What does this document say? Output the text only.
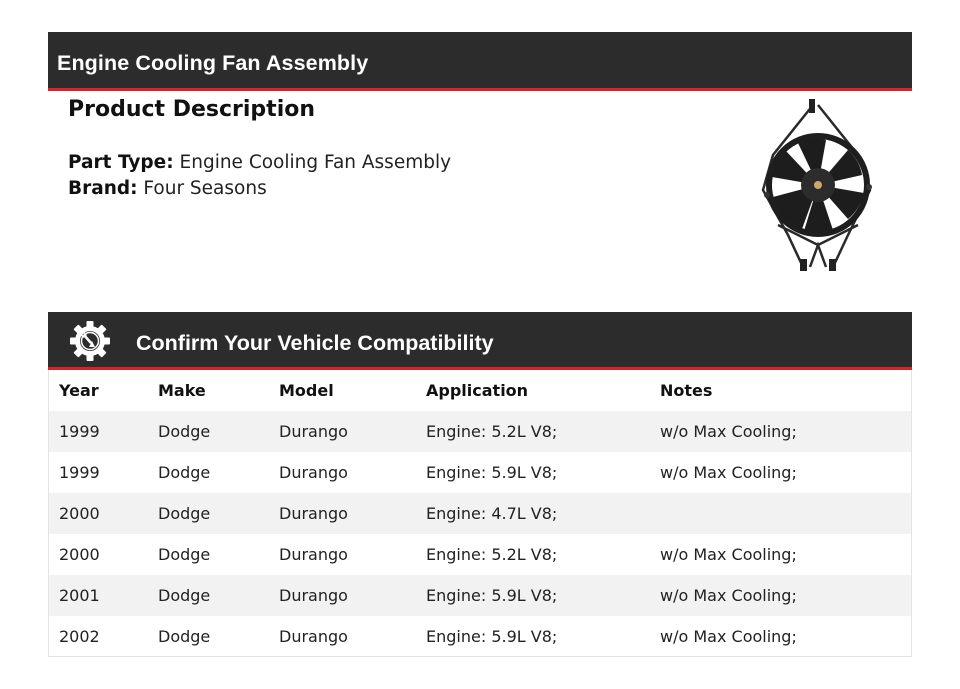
Engine Cooling Fan Assembly
Product Description
Part Type: Engine Cooling Fan Assembly
Brand: Four Seasons
Confirm Your Vehicle Compatibility
Year	Make	Model	Application	Notes
1999	Dodge	Durango	Engine: 5.2L V8;	w/o Max Cooling;
1999	Dodge	Durango	Engine: 5.9L V8;	w/o Max Cooling;
2000	Dodge	Durango	Engine: 4.7L V8;	
2000	Dodge	Durango	Engine: 5.2L V8;	w/o Max Cooling;
2001	Dodge	Durango	Engine: 5.9L V8;	w/o Max Cooling;
2002	Dodge	Durango	Engine: 5.9L V8;	w/o Max Cooling;
